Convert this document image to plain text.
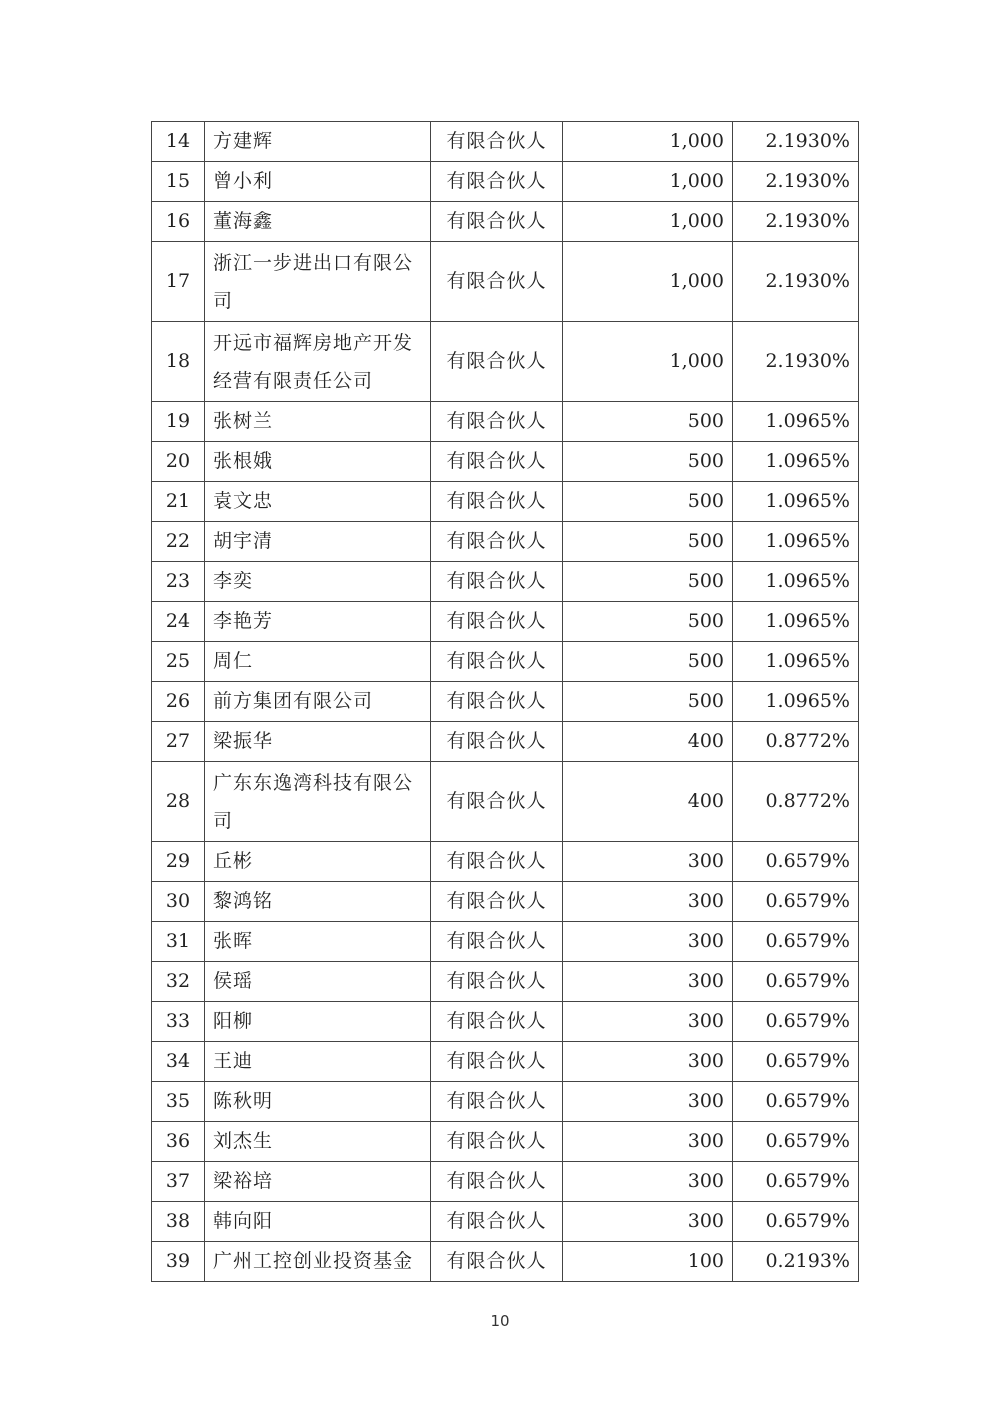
14	方建辉	有限合伙人	1,000	2.1930%
15	曾小利	有限合伙人	1,000	2.1930%
16	董海鑫	有限合伙人	1,000	2.1930%
17	浙江一步进出口有限公司	有限合伙人	1,000	2.1930%
18	开远市福辉房地产开发经营有限责任公司	有限合伙人	1,000	2.1930%
19	张树兰	有限合伙人	500	1.0965%
20	张根娥	有限合伙人	500	1.0965%
21	袁文忠	有限合伙人	500	1.0965%
22	胡宇清	有限合伙人	500	1.0965%
23	李奕	有限合伙人	500	1.0965%
24	李艳芳	有限合伙人	500	1.0965%
25	周仁	有限合伙人	500	1.0965%
26	前方集团有限公司	有限合伙人	500	1.0965%
27	梁振华	有限合伙人	400	0.8772%
28	广东东逸湾科技有限公司	有限合伙人	400	0.8772%
29	丘彬	有限合伙人	300	0.6579%
30	黎鸿铭	有限合伙人	300	0.6579%
31	张晖	有限合伙人	300	0.6579%
32	侯瑶	有限合伙人	300	0.6579%
33	阳柳	有限合伙人	300	0.6579%
34	王迪	有限合伙人	300	0.6579%
35	陈秋明	有限合伙人	300	0.6579%
36	刘杰生	有限合伙人	300	0.6579%
37	梁裕培	有限合伙人	300	0.6579%
38	韩向阳	有限合伙人	300	0.6579%
39	广州工控创业投资基金	有限合伙人	100	0.2193%
10
